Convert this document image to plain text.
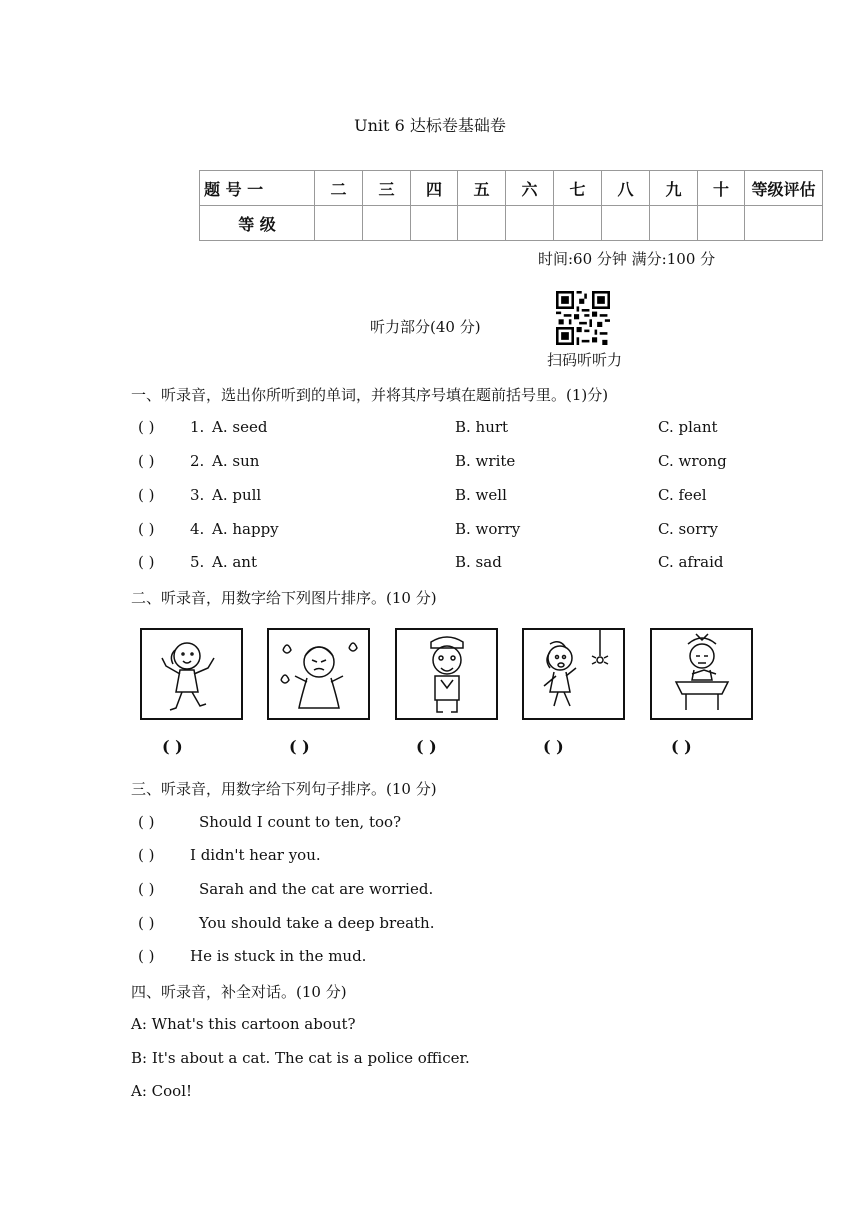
Unit 6 达标卷基础卷
题 号 一	二	三	四	五	六	七	八	九	十	等级评估
等 级										
时间:60 分钟 满分:100 分
听力部分(40 分)
扫码听听力
一、听录音，选出你所听到的单词，并将其序号填在题前括号里。(1)分)
( ) 1. A. seed	B. hurt	C. plant
( ) 2. A. sun	B. write	C. wrong
( ) 3. A. pull	B. well	C. feel
( ) 4. A. happy	B. worry	C. sorry
( ) 5. A. ant	B. sad	C. afraid
二、听录音，用数字给下列图片排序。(10 分)
( )	( )	( )	( )	( )
三、听录音，用数字给下列句子排序。(10 分)
( )	Should I count to ten, too?
( ) I didn't hear you.
( )	Sarah and the cat are worried.
( )	You should take a deep breath.
( ) He is stuck in the mud.
四、听录音，补全对话。(10 分)
A: What's this cartoon about?
B: It's about a cat. The cat is a police officer.
A: Cool!
